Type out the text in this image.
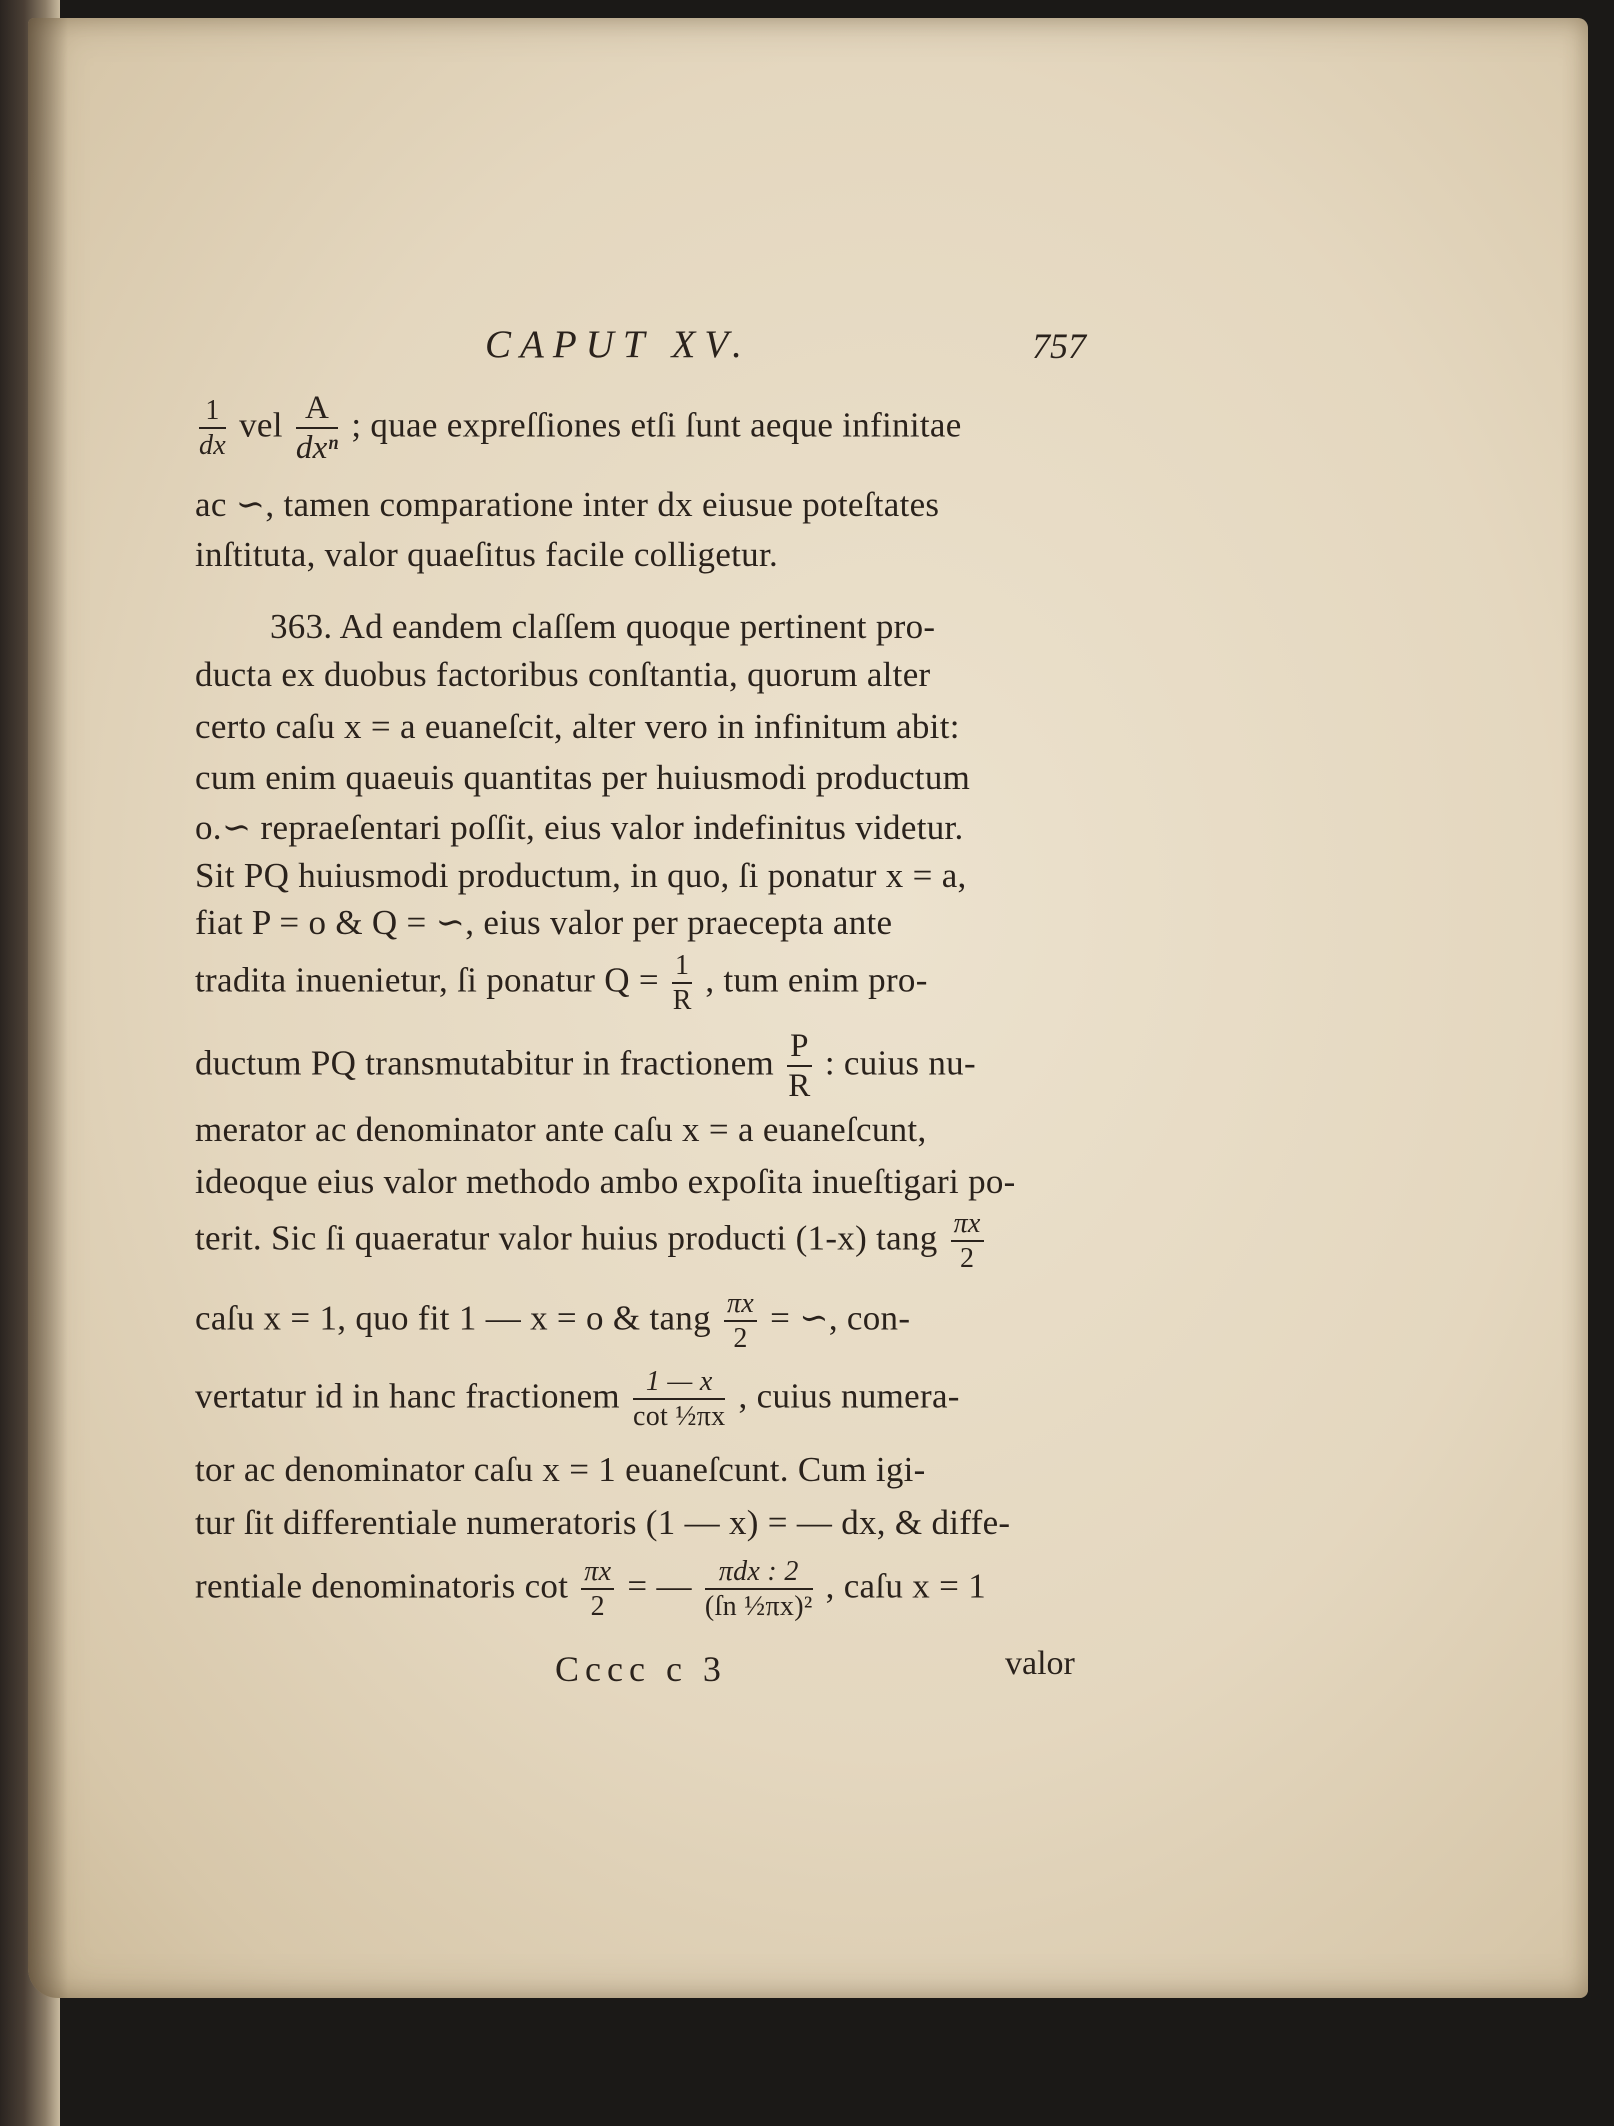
CAPUT XV.	757
$\frac{1}{dx}$ vel $\frac{A}{\text{dxⁿ}}$ ; quae expreſſiones etſi ſunt aeque infinitae
ac ∽, tamen comparatione inter dx eiusue poteſtates
inſtituta, valor quaeſitus facile colligetur.
363. Ad eandem claſſem quoque pertinent pro-
ducta ex duobus factoribus conſtantia, quorum alter
certo caſu x = a euaneſcit, alter vero in infinitum abit:
cum enim quaeuis quantitas per huiusmodi productum
o.∽ repraeſentari poſſit, eius valor indefinitus videtur.
Sit PQ huiusmodi productum, in quo, ſi ponatur x = a,
fiat P = o & Q = ∽, eius valor per praecepta ante
tradita inuenietur, ſi ponatur $Q = \frac{1}{R}$ , tum enim pro-
ductum PQ transmutabitur in fractionem $\frac{P}{R}$ : cuius nu-
merator ac denominator ante caſu x = a euaneſcunt,
ideoque eius valor methodo ambo expoſita inueſtigari po-
terit. Sic ſi quaeratur valor huius producti (1-x) tang $\frac{\pi x}{2}$
caſu x = 1, quo fit 1 — x = o & tang $\frac{\pi x}{2}$ = ∽, con-
vertatur id in hanc fractionem $\frac{1 — x}{\text{cot ½πx}}$ , cuius numera-
tor ac denominator caſu x = 1 euaneſcunt. Cum igi-
tur ſit differentiale numeratoris (1 — x) = — dx, & diffe-
rentiale denominatoris $\cot \frac{\pi x}{2}$ = — $\frac{\text{πdx : 2}}{\text{(ſn ½πx)²}}$ , caſu x = 1
Cccc c 3	valor
